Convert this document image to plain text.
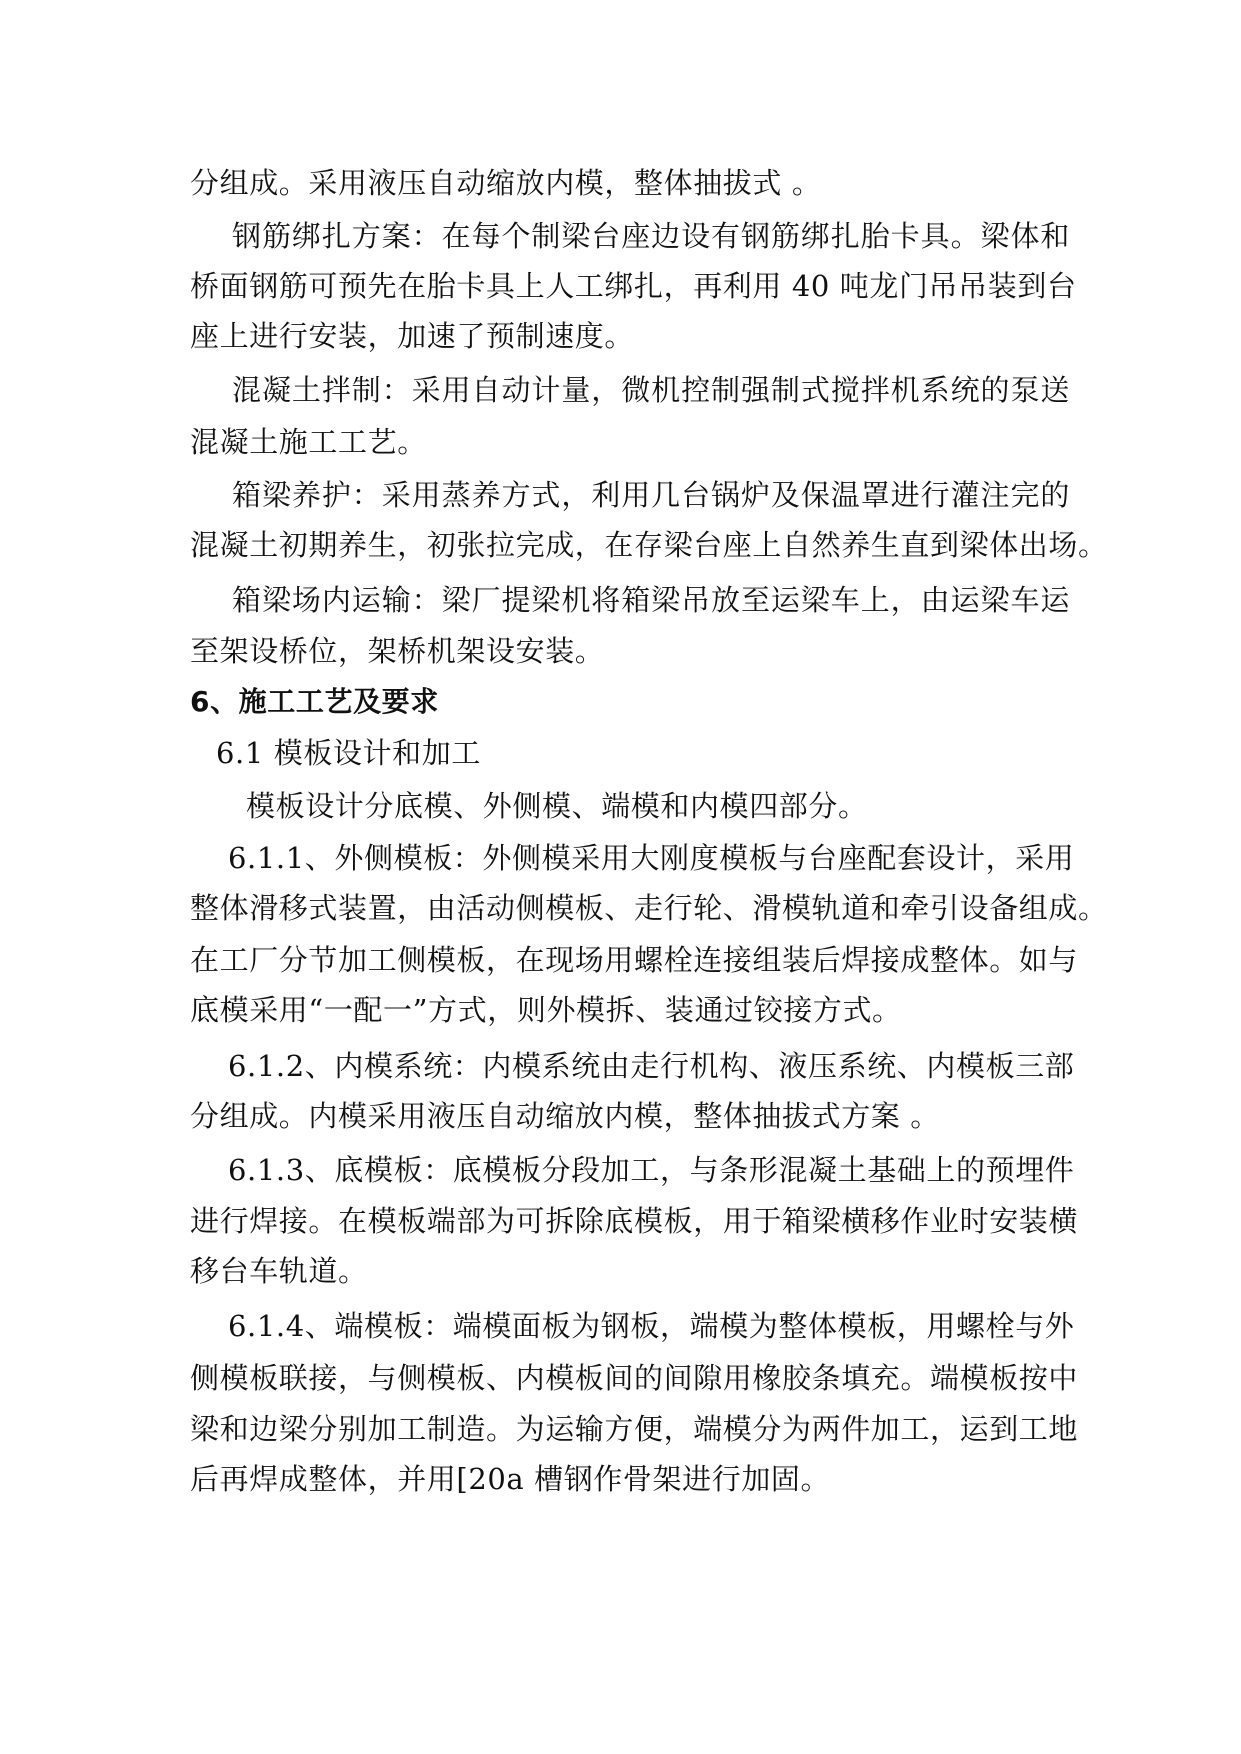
分组成。采用液压自动缩放内模，整体抽拔式 。
钢筋绑扎方案：在每个制梁台座边设有钢筋绑扎胎卡具。梁体和
桥面钢筋可预先在胎卡具上人工绑扎，再利用 40 吨龙门吊吊装到台
座上进行安装，加速了预制速度。
混凝土拌制：采用自动计量，微机控制强制式搅拌机系统的泵送
混凝土施工工艺。
箱梁养护：采用蒸养方式，利用几台锅炉及保温罩进行灌注完的
混凝土初期养生，初张拉完成，在存梁台座上自然养生直到梁体出场。
箱梁场内运输：梁厂提梁机将箱梁吊放至运梁车上，由运梁车运
至架设桥位，架桥机架设安装。
6、施工工艺及要求
6.1 模板设计和加工
模板设计分底模、外侧模、端模和内模四部分。
6.1.1、外侧模板：外侧模采用大刚度模板与台座配套设计，采用
整体滑移式装置，由活动侧模板、走行轮、滑模轨道和牵引设备组成。
在工厂分节加工侧模板，在现场用螺栓连接组装后焊接成整体。如与
底模采用“一配一”方式，则外模拆、装通过铰接方式。
6.1.2、内模系统：内模系统由走行机构、液压系统、内模板三部
分组成。内模采用液压自动缩放内模，整体抽拔式方案 。
6.1.3、底模板：底模板分段加工，与条形混凝土基础上的预埋件
进行焊接。在模板端部为可拆除底模板，用于箱梁横移作业时安装横
移台车轨道。
6.1.4、端模板：端模面板为钢板，端模为整体模板，用螺栓与外
侧模板联接，与侧模板、内模板间的间隙用橡胶条填充。端模板按中
梁和边梁分别加工制造。为运输方便，端模分为两件加工，运到工地
后再焊成整体，并用[20a 槽钢作骨架进行加固。
